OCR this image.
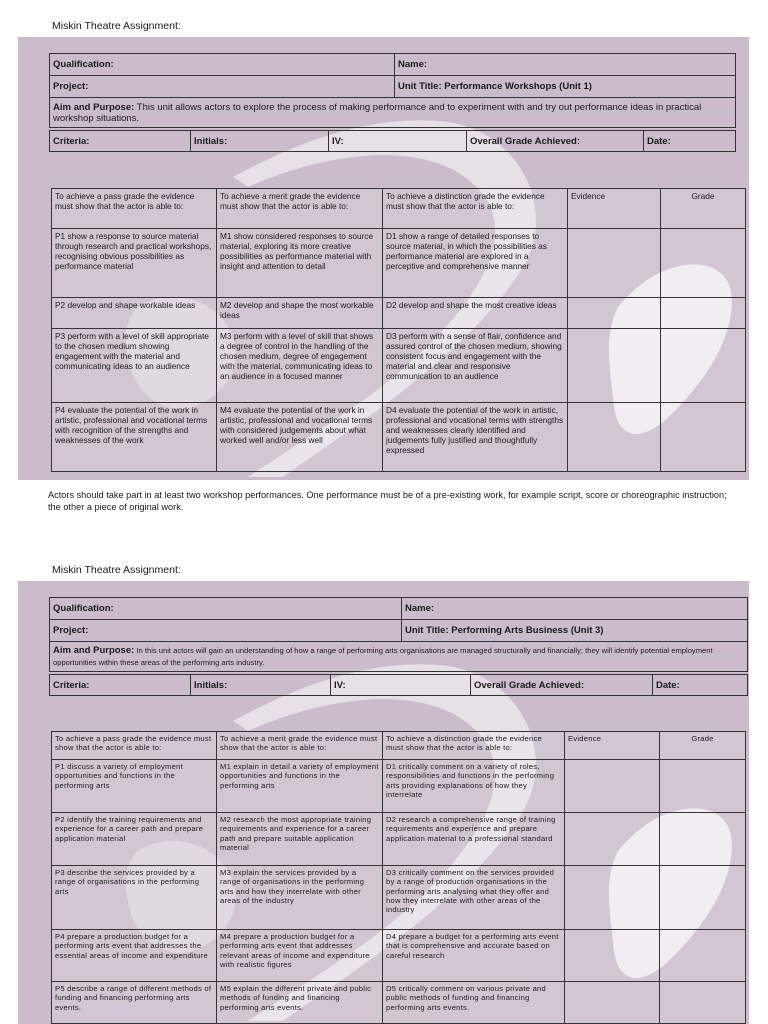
Miskin Theatre Assignment:
Qualification:	Name:
Project:	Unit Title: Performance Workshops (Unit 1)
Aim and Purpose: This unit allows actors to explore the process of making performance and to experiment with and try out performance ideas in practical workshop situations.	
Criteria:	Initials:	IV:	Overall Grade Achieved:	Date:
To achieve a pass grade the evidence must show that the actor is able to:	To achieve a merit grade the evidence must show that the actor is able to:	To achieve a distinction grade the evidence must show that the actor is able to:	Evidence	Grade
P1 show a response to source material through research and practical workshops, recognising obvious possibilities as performance material	M1 show considered responses to source material, exploring its more creative possibilities as performance material with insight and attention to detail	D1 show a range of detailed responses to source material, in which the possibilities as performance material are explored in a perceptive and comprehensive manner		
P2 develop and shape workable ideas	M2 develop and shape the most workable ideas	D2 develop and shape the most creative ideas		
P3 perform with a level of skill appropriate to the chosen medium showing engagement with the material and communicating ideas to an audience	M3 perform with a level of skill that shows a degree of control in the handling of the chosen medium, degree of engagement with the material, communicating ideas to an audience in a focused manner	D3 perform with a sense of flair, confidence and assured control of the chosen medium, showing consistent focus and engagement with the material and clear and responsive communication to an audience		
P4 evaluate the potential of the work in artistic, professional and vocational terms with recognition of the strengths and weaknesses of the work	M4 evaluate the potential of the work in artistic, professional and vocational terms with considered judgements about what worked well and/or less well	D4 evaluate the potential of the work in artistic, professional and vocational terms with strengths and weaknesses clearly identified and judgements fully justified and thoughtfully expressed		
Actors should take part in at least two workshop performances. One performance must be of a pre-existing work, for example script, score or choreographic instruction; the other a piece of original work.
Miskin Theatre Assignment:
Qualification:	Name:
Project:	Unit Title: Performing Arts Business (Unit 3)
Aim and Purpose: In this unit actors will gain an understanding of how a range of performing arts organisations are managed structurally and financially; they will identify potential employment opportunities within these areas of the performing arts industry.	
Criteria:	Initials:	IV:	Overall Grade Achieved:	Date:
To achieve a pass grade the evidence must show that the actor is able to:	To achieve a merit grade the evidence must show that the actor is able to:	To achieve a distinction grade the evidence must show that the actor is able to:	Evidence	Grade
P1 discuss a variety of employment opportunities and functions in the performing arts	M1 explain in detail a variety of employment opportunities and functions in the performing arts	D1 critically comment on a variety of roles, responsibilities and functions in the performing arts providing explanations of how they interrelate		
P2 identify the training requirements and experience for a career path and prepare application material	M2 research the most appropriate training requirements and experience for a career path and prepare suitable application material	D2 research a comprehensive range of training requirements and experience and prepare application material to a professional standard		
P3 describe the services provided by a range of organisations in the performing arts	M3 explain the services provided by a range of organisations in the performing arts and how they interrelate with other areas of the industry	D3 critically comment on the services provided by a range of production organisations in the performing arts analysing what they offer and how they interrelate with other areas of the industry		
P4 prepare a production budget for a performing arts event that addresses the essential areas of income and expenditure	M4 prepare a production budget for a performing arts event that addresses relevant areas of income and expenditure with realistic figures	D4 prepare a budget for a performing arts event that is comprehensive and accurate based on careful research		
P5 describe a range of different methods of funding and financing performing arts events.	M5 explain the different private and public methods of funding and financing performing arts events.	D5 critically comment on various private and public methods of funding and financing performing arts events.		
